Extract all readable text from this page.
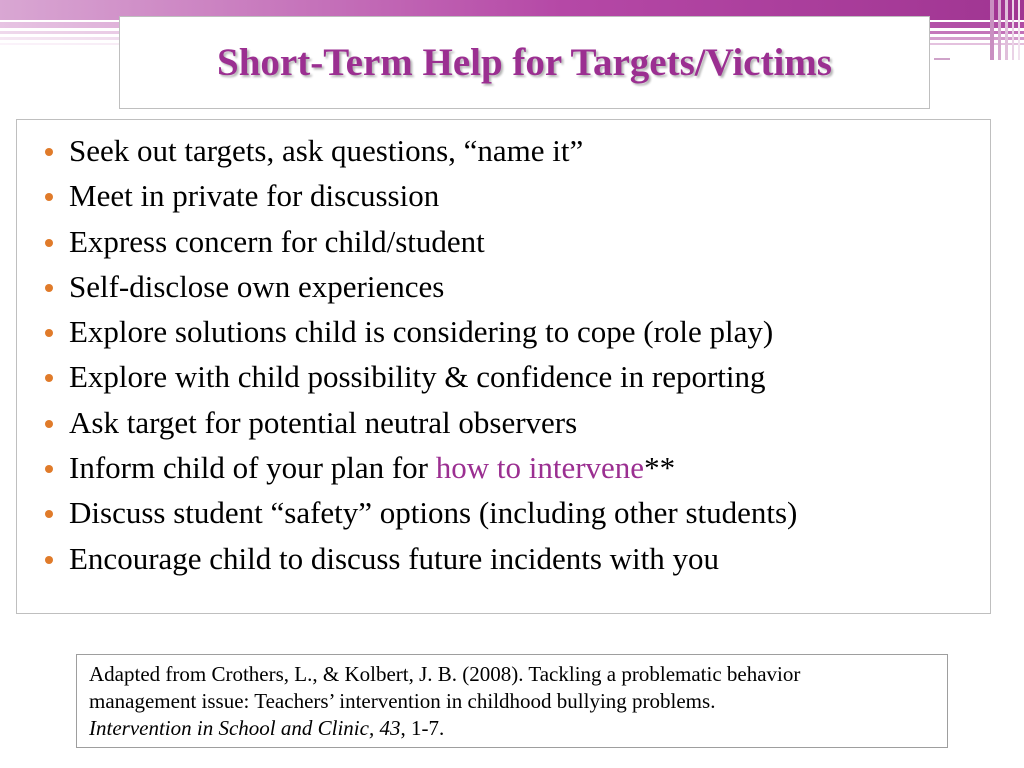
Short-Term Help for Targets/Victims
Seek out targets, ask questions, “name it”
Meet in private for discussion
Express concern for child/student
Self-disclose own experiences
Explore solutions child is considering to cope (role play)
Explore with child possibility & confidence in reporting
Ask target for potential neutral observers
Inform child of your plan for how to intervene**
Discuss student “safety” options (including other students)
Encourage child to discuss future incidents with you

Adapted from Crothers, L., & Kolbert, J. B. (2008). Tackling a problematic behavior

management issue: Teachers’ intervention in childhood bullying problems.

Intervention in School and Clinic, 43, 1-7.
